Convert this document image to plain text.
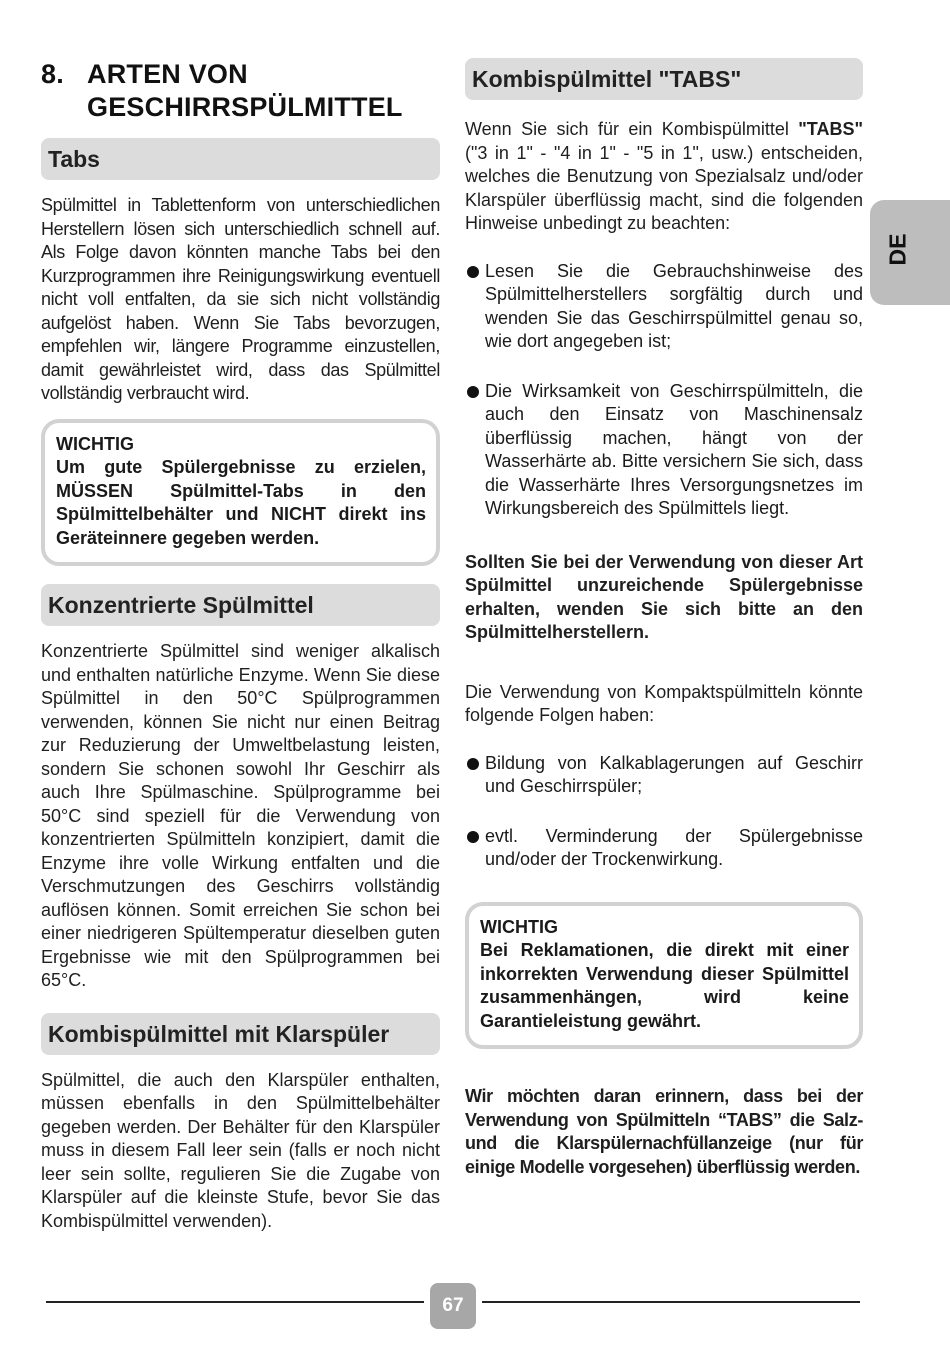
8. ARTEN VON
GESCHIRRSPÜLMITTEL
Tabs
Spülmittel in Tablettenform von unterschiedlichen Herstellern lösen sich unterschiedlich schnell auf. Als Folge davon könnten manche Tabs bei den Kurzprogrammen ihre Reinigungswirkung eventuell nicht voll entfalten, da sie sich nicht vollständig aufgelöst haben. Wenn Sie Tabs bevorzugen, empfehlen wir, längere Programme einzustellen, damit gewährleistet wird, dass das Spülmittel vollständig verbraucht wird.
WICHTIG
Um gute Spülergebnisse zu erzielen, MÜSSEN Spülmittel-Tabs in den Spülmittelbehälter und NICHT direkt ins Geräteinnere gegeben werden.
Konzentrierte Spülmittel
Konzentrierte Spülmittel sind weniger alkalisch und enthalten natürliche Enzyme. Wenn Sie diese Spülmittel in den 50°C Spülprogrammen verwenden, können Sie nicht nur einen Beitrag zur Reduzierung der Umweltbelastung leisten, sondern Sie schonen sowohl Ihr Geschirr als auch Ihre Spülmaschine. Spülprogramme bei 50°C sind speziell für die Verwendung von konzentrierten Spülmitteln konzipiert, damit die Enzyme ihre volle Wirkung entfalten und die Verschmutzungen des Geschirrs vollständig auflösen können. Somit erreichen Sie schon bei einer niedrigeren Spültemperatur dieselben guten Ergebnisse wie mit den Spülprogrammen bei 65°C.
Kombispülmittel mit Klarspüler
Spülmittel, die auch den Klarspüler enthalten, müssen ebenfalls in den Spülmittelbehälter gegeben werden. Der Behälter für den Klarspüler muss in diesem Fall leer sein (falls er noch nicht leer sein sollte, regulieren Sie die Zugabe von Klarspüler auf die kleinste Stufe, bevor Sie das Kombispülmittel verwenden).
Kombispülmittel "TABS"
Wenn Sie sich für ein Kombispülmittel "TABS" ("3 in 1" - "4 in 1" - "5 in 1", usw.) entscheiden, welches die Benutzung von Spezialsalz und/oder Klarspüler überflüssig macht, sind die folgenden Hinweise unbedingt zu beachten:
Lesen Sie die Gebrauchshinweise des Spülmittelherstellers sorgfältig durch und wenden Sie das Geschirrspülmittel genau so, wie dort angegeben ist;
Die Wirksamkeit von Geschirrspülmitteln, die auch den Einsatz von Maschinensalz überflüssig machen, hängt von der Wasserhärte ab. Bitte versichern Sie sich, dass die Wasserhärte Ihres Versorgungsnetzes im Wirkungsbereich des Spülmittels liegt.
Sollten Sie bei der Verwendung von dieser Art Spülmittel unzureichende Spülergebnisse erhalten, wenden Sie sich bitte an den Spülmittelherstellern.
Die Verwendung von Kompaktspülmitteln könnte folgende Folgen haben:
Bildung von Kalkablagerungen auf Geschirr und Geschirrspüler;
evtl. Verminderung der Spülergebnisse und/oder der Trockenwirkung.
WICHTIG
Bei Reklamationen, die direkt mit einer inkorrekten Verwendung dieser Spülmittel zusammenhängen, wird keine Garantieleistung gewährt.
Wir möchten daran erinnern, dass bei der Verwendung von Spülmitteln “TABS” die Salz- und die Klarspülernachfüllanzeige (nur für einige Modelle vorgesehen) überflüssig werden.
DE
67
